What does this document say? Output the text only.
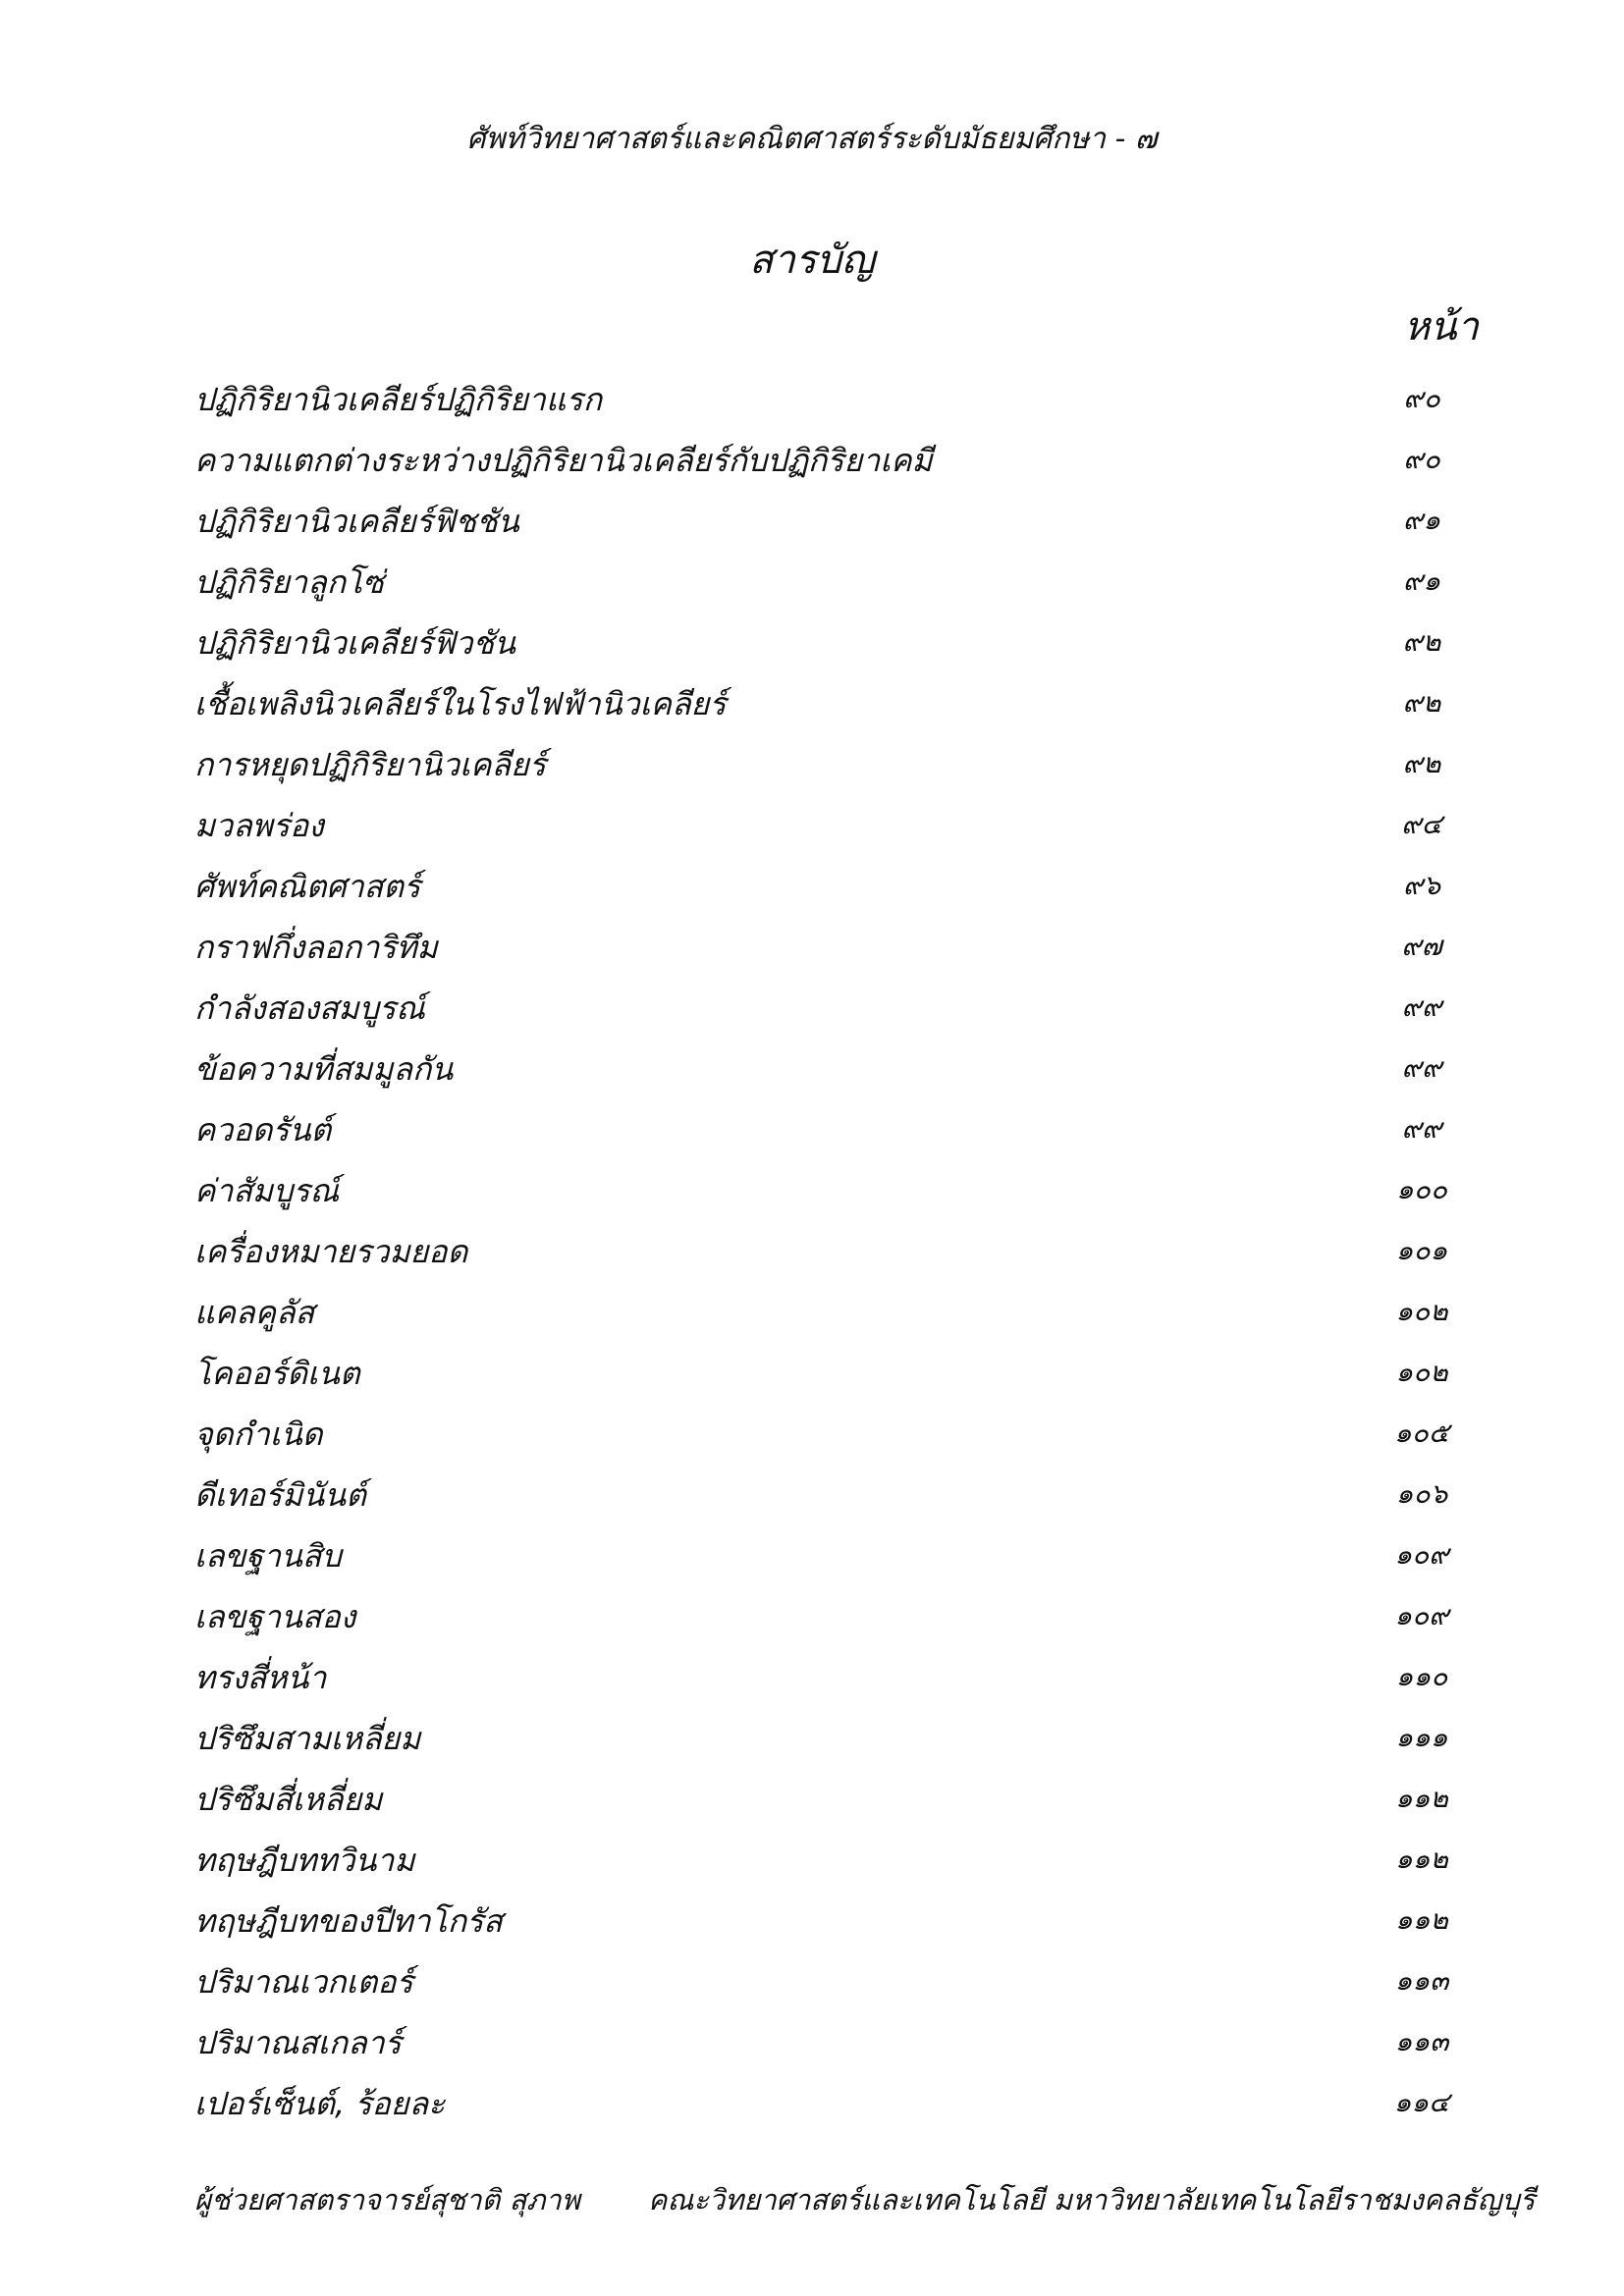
ศัพท์วิทยาศาสตร์และคณิตศาสตร์ระดับมัธยมศึกษา - ๗
สารบัญ
หน้า
ปฏิกิริยานิวเคลียร์ปฏิกิริยาแรก	๙๐
ความแตกต่างระหว่างปฏิกิริยานิวเคลียร์กับปฏิกิริยาเคมี	๙๐
ปฏิกิริยานิวเคลียร์ฟิชชัน	๙๑
ปฏิกิริยาลูกโซ่	๙๑
ปฏิกิริยานิวเคลียร์ฟิวชัน	๙๒
เชื้อเพลิงนิวเคลียร์ในโรงไฟฟ้านิวเคลียร์	๙๒
การหยุดปฏิกิริยานิวเคลียร์	๙๒
มวลพร่อง	๙๔
ศัพท์คณิตศาสตร์	๙๖
กราฟกึ่งลอการิทึม	๙๗
กำลังสองสมบูรณ์	๙๙
ข้อความที่สมมูลกัน	๙๙
ควอดรันต์	๙๙
ค่าสัมบูรณ์	๑๐๐
เครื่องหมายรวมยอด	๑๐๑
แคลคูลัส	๑๐๒
โคออร์ดิเนต	๑๐๒
จุดกำเนิด	๑๐๕
ดีเทอร์มินันต์	๑๐๖
เลขฐานสิบ	๑๐๙
เลขฐานสอง	๑๐๙
ทรงสี่หน้า	๑๑๐
ปริซึมสามเหลี่ยม	๑๑๑
ปริซึมสี่เหลี่ยม	๑๑๒
ทฤษฎีบททวินาม	๑๑๒
ทฤษฎีบทของปีทาโกรัส	๑๑๒
ปริมาณเวกเตอร์	๑๑๓
ปริมาณสเกลาร์	๑๑๓
เปอร์เซ็นต์, ร้อยละ	๑๑๔
ผู้ช่วยศาสตราจารย์สุชาติ สุภาพ คณะวิทยาศาสตร์และเทคโนโลยี มหาวิทยาลัยเทคโนโลยีราชมงคลธัญบุรี
